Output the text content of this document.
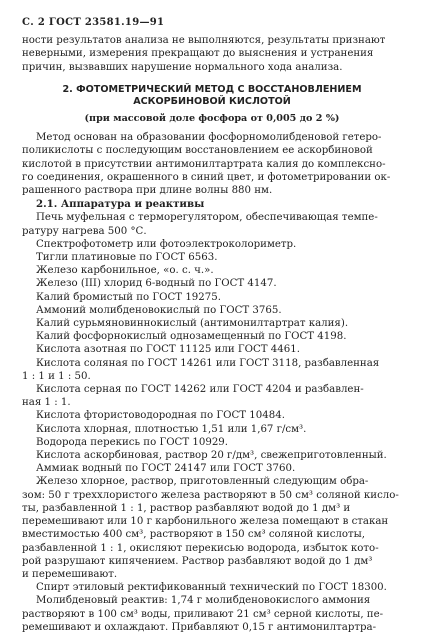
С. 2 ГОСТ 23581.19—91

ности результатов анализа не выполняются, результаты признают

неверными, измерения прекращают до выяснения и устранения

причин, вызвавших нарушение нормального хода анализа.

2. ФОТОМЕТРИЧЕСКИЙ МЕТОД С ВОССТАНОВЛЕНИЕМ
АСКОРБИНОВОЙ КИСЛОТОЙ
(при массовой доле фосфора от 0,005 до 2 %)

Метод основан на образовании фосфорномолибденовой гетеро-

поликислоты с последующим восстановлением ее аскорбиновой

кислотой в присутствии антимонилтартрата калия до комплексно-

го соединения, окрашенного в синий цвет, и фотометрировании ок-

рашенного раствора при длине волны 880 нм.

2.1. Аппаратура и реактивы

Печь муфельная с терморегулятором, обеспечивающая темпе-

ратуру нагрева 500 °С.

Спектрофотометр или фотоэлектроколориметр.

Тигли платиновые по ГОСТ 6563.

Железо карбонильное, «о. с. ч.».

Железо (III) хлорид 6-водный по ГОСТ 4147.

Калий бромистый по ГОСТ 19275.

Аммоний молибденовокислый по ГОСТ 3765.

Калий сурьмяновиннокислый (антимонилтартрат калия).

Калий фосфорнокислый однозамещенный по ГОСТ 4198.

Кислота азотная по ГОСТ 11125 или ГОСТ 4461.

Кислота соляная по ГОСТ 14261 или ГОСТ 3118, разбавленная

1 : 1 и 1 : 50.

Кислота серная по ГОСТ 14262 или ГОСТ 4204 и разбавлен-

ная 1 : 1.

Кислота фтористоводородная по ГОСТ 10484.

Кислота хлорная, плотностью 1,51 или 1,67 г/см³.

Водорода перекись по ГОСТ 10929.

Кислота аскорбиновая, раствор 20 г/дм³, свежеприготовленный.

Аммиак водный по ГОСТ 24147 или ГОСТ 3760.

Железо хлорное, раствор, приготовленный следующим обра-

зом: 50 г треххлористого железа растворяют в 50 см³ соляной кисло-

ты, разбавленной 1 : 1, раствор разбавляют водой до 1 дм³ и

перемешивают или 10 г карбонильного железа помещают в стакан

вместимостью 400 см³, растворяют в 150 см³ соляной кислоты,

разбавленной 1 : 1, окисляют перекисью водорода, избыток кото-

рой разрушают кипячением. Раствор разбавляют водой до 1 дм³

и перемешивают.

Спирт этиловый ректификованный технический по ГОСТ 18300.

Молибденовый реактив: 1,74 г молибденовокислого аммония

растворяют в 100 см³ воды, приливают 21 см³ серной кислоты, пе-

ремешивают и охлаждают. Прибавляют 0,15 г антимонилтартра-
